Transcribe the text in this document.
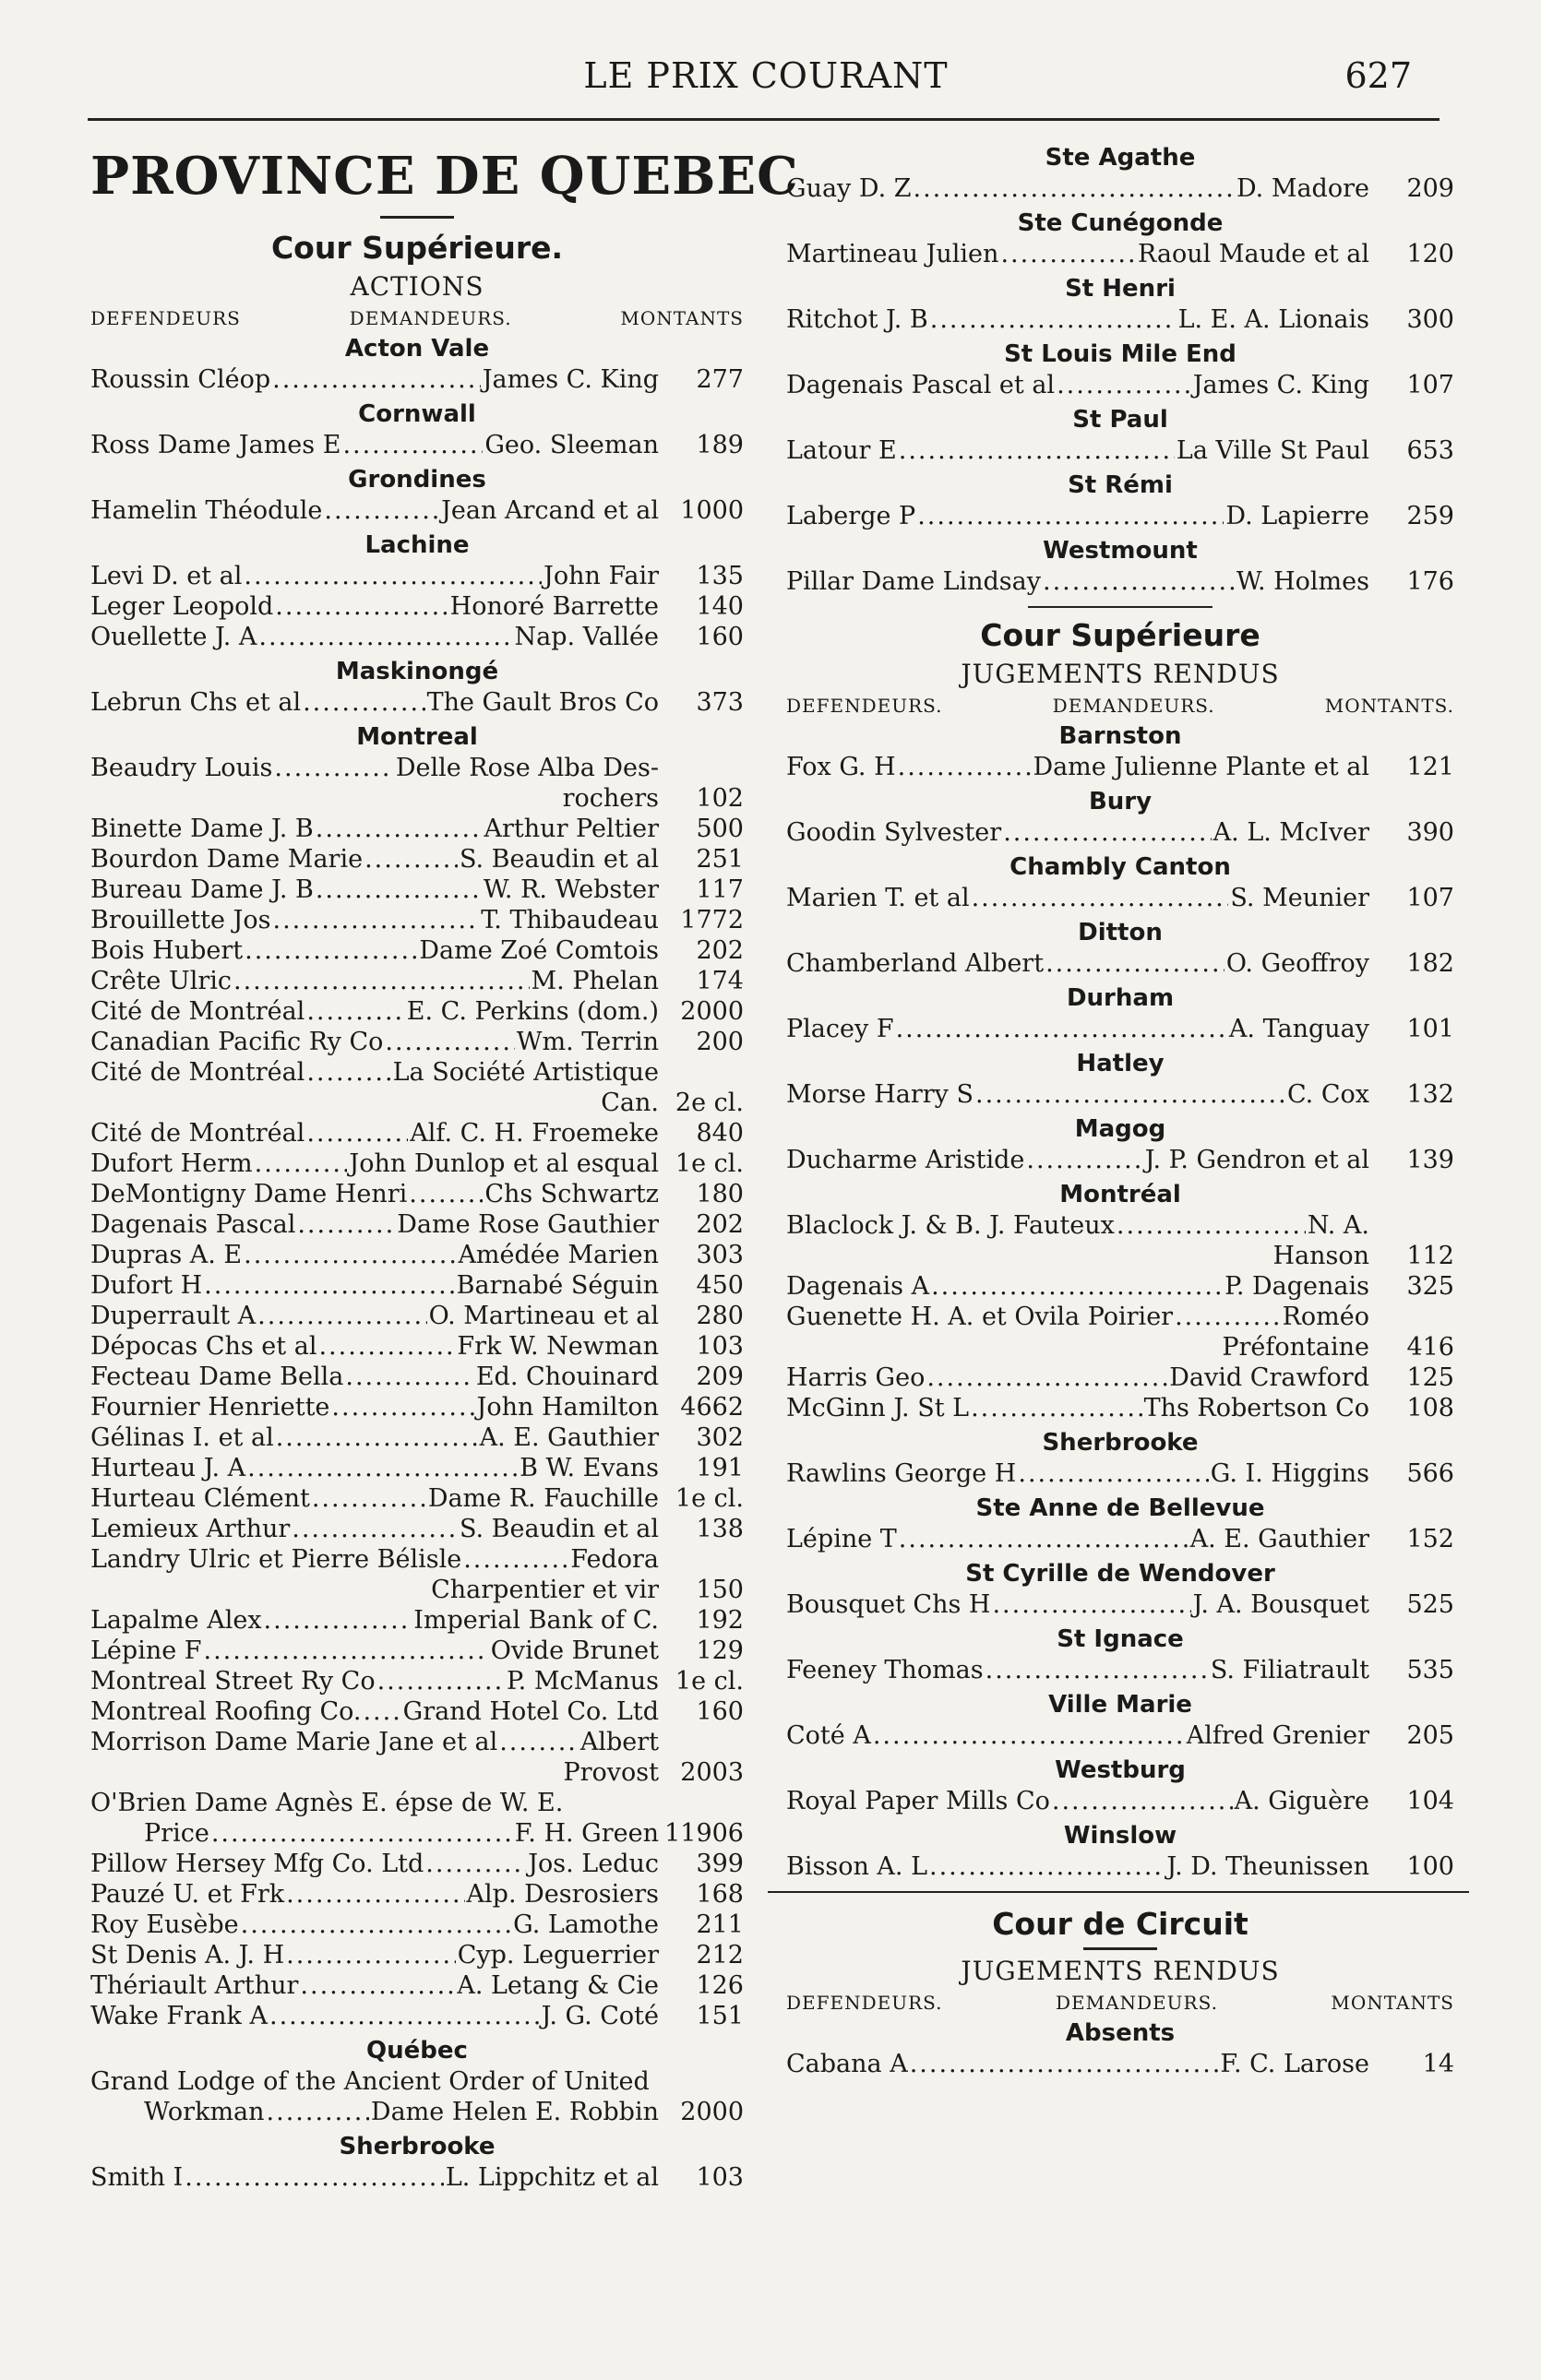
LE PRIX COURANT	627
PROVINCE DE QUEBEC
Cour Supérieure.
ACTIONS
DEFENDEURS	DEMANDEURS.	MONTANTS
Acton Vale
Roussin Cléop .....	James C. King	277
Cornwall
Ross Dame James E .....	Geo. Sleeman	189
Grondines
Hamelin Théodule .....	Jean Arcand et al 1000
Lachine
Levi D. et al .....	John Fair	135
Leger Leopold .....	Honoré Barrette	140
Ouellette J. A .....	Nap. Vallée	160
Maskinongé
Lebrun Chs et al .....	The Gault Bros Co	373
Montreal
Beaudry Louis .....	Delle Rose Alba Des-
rochers	102
Binette Dame J. B .....	Arthur Peltier	500
Bourdon Dame Marie .....	S. Beaudin et al	251
Bureau Dame J. B .....	W. R. Webster	117
Brouillette Jos .....	T. Thibaudeau 1772
Bois Hubert .....	Dame Zoé Comtois	202
Crête Ulric .....	M. Phelan	174
Cité de Montréal .....	E. C. Perkins (dom.) 2000
Canadian Pacific Ry Co .....	Wm. Terrin	200
Cité de Montréal .....	La Société Artistique
Can. 2e cl.
Cité de Montréal .....	Alf. C. H. Froemeke	840
Dufort Herm .....	John Dunlop et al esqual 1e cl.
DeMontigny Dame Henri .....	Chs Schwartz	180
Dagenais Pascal .....	Dame Rose Gauthier	202
Dupras A. E .....	Amédée Marien	303
Dufort H .....	Barnabé Séguin	450
Duperrault A .....	O. Martineau et al	280
Dépocas Chs et al .....	Frk W. Newman	103
Fecteau Dame Bella .....	Ed. Chouinard	209
Fournier Henriette .....	John Hamilton 4662
Gélinas I. et al .....	A. E. Gauthier	302
Hurteau J. A .....	B W. Evans	191
Hurteau Clément .....	Dame R. Fauchille 1e cl.
Lemieux Arthur .....	S. Beaudin et al	138
Landry Ulric et Pierre Bélisle .....	Fedora
Charpentier et vir	150
Lapalme Alex .....	Imperial Bank of C.	192
Lépine F .....	Ovide Brunet	129
Montreal Street Ry Co .....	P. McManus 1e cl.
Montreal Roofing Co. ..... Grand Hotel Co. Ltd	160
Morrison Dame Marie Jane et al .....	Albert
Provost 2003
O'Brien Dame Agnès E. épse de W. E.
Price .....	F. H. Green 11906
Pillow Hersey Mfg Co. Ltd .....	Jos. Leduc	399
Pauzé U. et Frk .....	Alp. Desrosiers	168
Roy Eusèbe .....	G. Lamothe	211
St Denis A. J. H .....	Cyp. Leguerrier	212
Thériault Arthur .....	A. Letang & Cie	126
Wake Frank A .....	J. G. Coté	151
Québec
Grand Lodge of the Ancient Order of United
Workman .....	Dame Helen E. Robbin 2000
Sherbrooke
Smith I .....	L. Lippchitz et al	103
Ste Agathe
Guay D. Z .....	D. Madore	209
Ste Cunégonde
Martineau Julien .....	Raoul Maude et al	120
St Henri
Ritchot J. B .....	L. E. A. Lionais	300
St Louis Mile End
Dagenais Pascal et al .....	James C. King	107
St Paul
Latour E .....	La Ville St Paul	653
St Rémi
Laberge P .....	D. Lapierre	259
Westmount
Pillar Dame Lindsay .....	W. Holmes	176
Cour Supérieure
JUGEMENTS RENDUS
DEFENDEURS.	DEMANDEURS.	MONTANTS.
Barnston
Fox G. H .....	Dame Julienne Plante et al	121
Bury
Goodin Sylvester .....	A. L. McIver	390
Chambly Canton
Marien T. et al .....	S. Meunier	107
Ditton
Chamberland Albert .....	O. Geoffroy	182
Durham
Placey F .....	A. Tanguay	101
Hatley
Morse Harry S .....	C. Cox	132
Magog
Ducharme Aristide .....	J. P. Gendron et al	139
Montréal
Blaclock J. & B. J. Fauteux .....	N. A.
Hanson	112
Dagenais A .....	P. Dagenais	325
Guenette H. A. et Ovila Poirier .....	Roméo
Préfontaine	416
Harris Geo .....	David Crawford	125
McGinn J. St L .....	Ths Robertson Co	108
Sherbrooke
Rawlins George H .....	G. I. Higgins	566
Ste Anne de Bellevue
Lépine T .....	A. E. Gauthier	152
St Cyrille de Wendover
Bousquet Chs H .....	J. A. Bousquet	525
St Ignace
Feeney Thomas .....	S. Filiatrault	535
Ville Marie
Coté A .....	Alfred Grenier	205
Westburg
Royal Paper Mills Co .....	A. Giguère	104
Winslow
Bisson A. L .....	J. D. Theunissen	100
Cour de Circuit
JUGEMENTS RENDUS
DEFENDEURS.	DEMANDEURS.	MONTANTS
Absents
Cabana A .....	F. C. Larose	14
